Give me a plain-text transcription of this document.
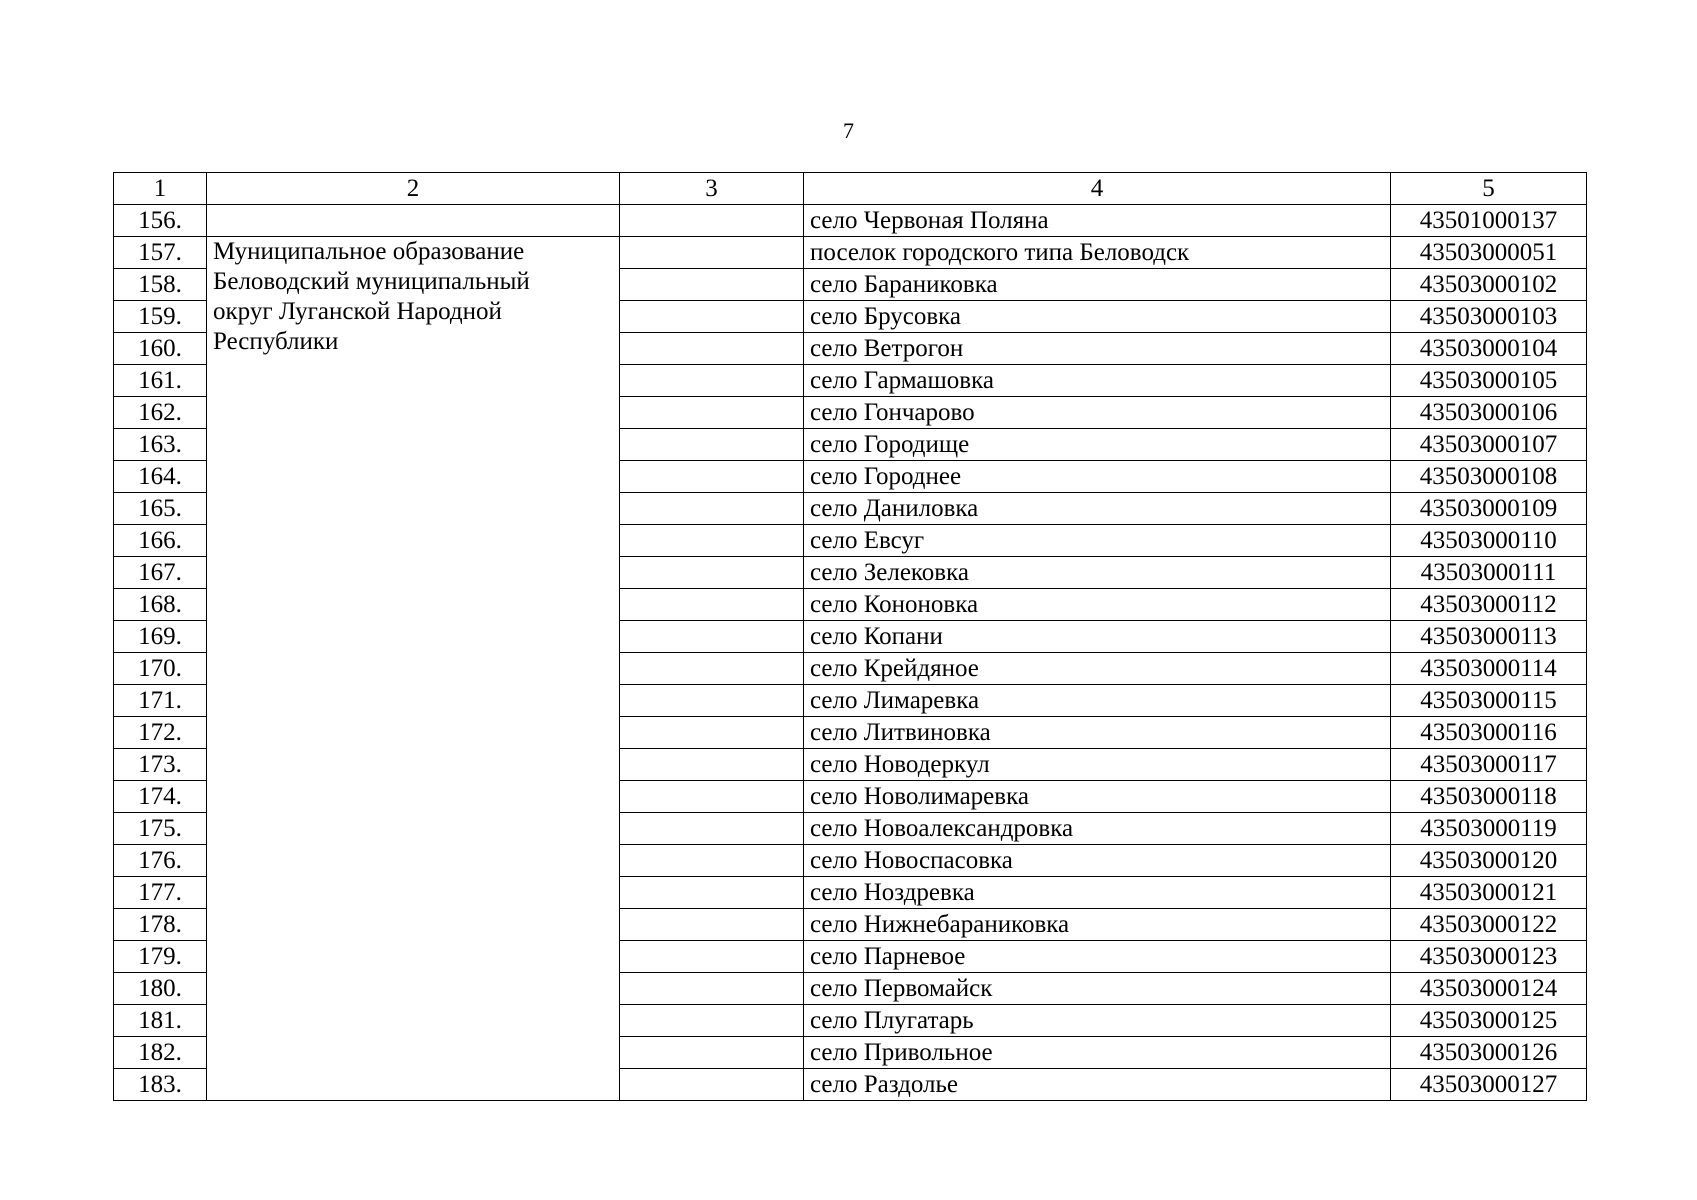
7
1	2	3	4	5
156.			село Червоная Поляна	43501000137
157.	Муниципальное образование
Беловодский муниципальный
округ Луганской Народной
Республики		поселок городского типа Беловодск	43503000051
158.			село Бараниковка	43503000102
159.			село Брусовка	43503000103
160.			село Ветрогон	43503000104
161.			село Гармашовка	43503000105
162.			село Гончарово	43503000106
163.			село Городище	43503000107
164.			село Городнее	43503000108
165.			село Даниловка	43503000109
166.			село Евсуг	43503000110
167.			село Зелековка	43503000111
168.			село Кононовка	43503000112
169.			село Копани	43503000113
170.			село Крейдяное	43503000114
171.			село Лимаревка	43503000115
172.			село Литвиновка	43503000116
173.			село Новодеркул	43503000117
174.			село Новолимаревка	43503000118
175.			село Новоалександровка	43503000119
176.			село Новоспасовка	43503000120
177.			село Ноздревка	43503000121
178.			село Нижнебараниковка	43503000122
179.			село Парневое	43503000123
180.			село Первомайск	43503000124
181.			село Плугатарь	43503000125
182.			село Привольное	43503000126
183.			село Раздолье	43503000127
